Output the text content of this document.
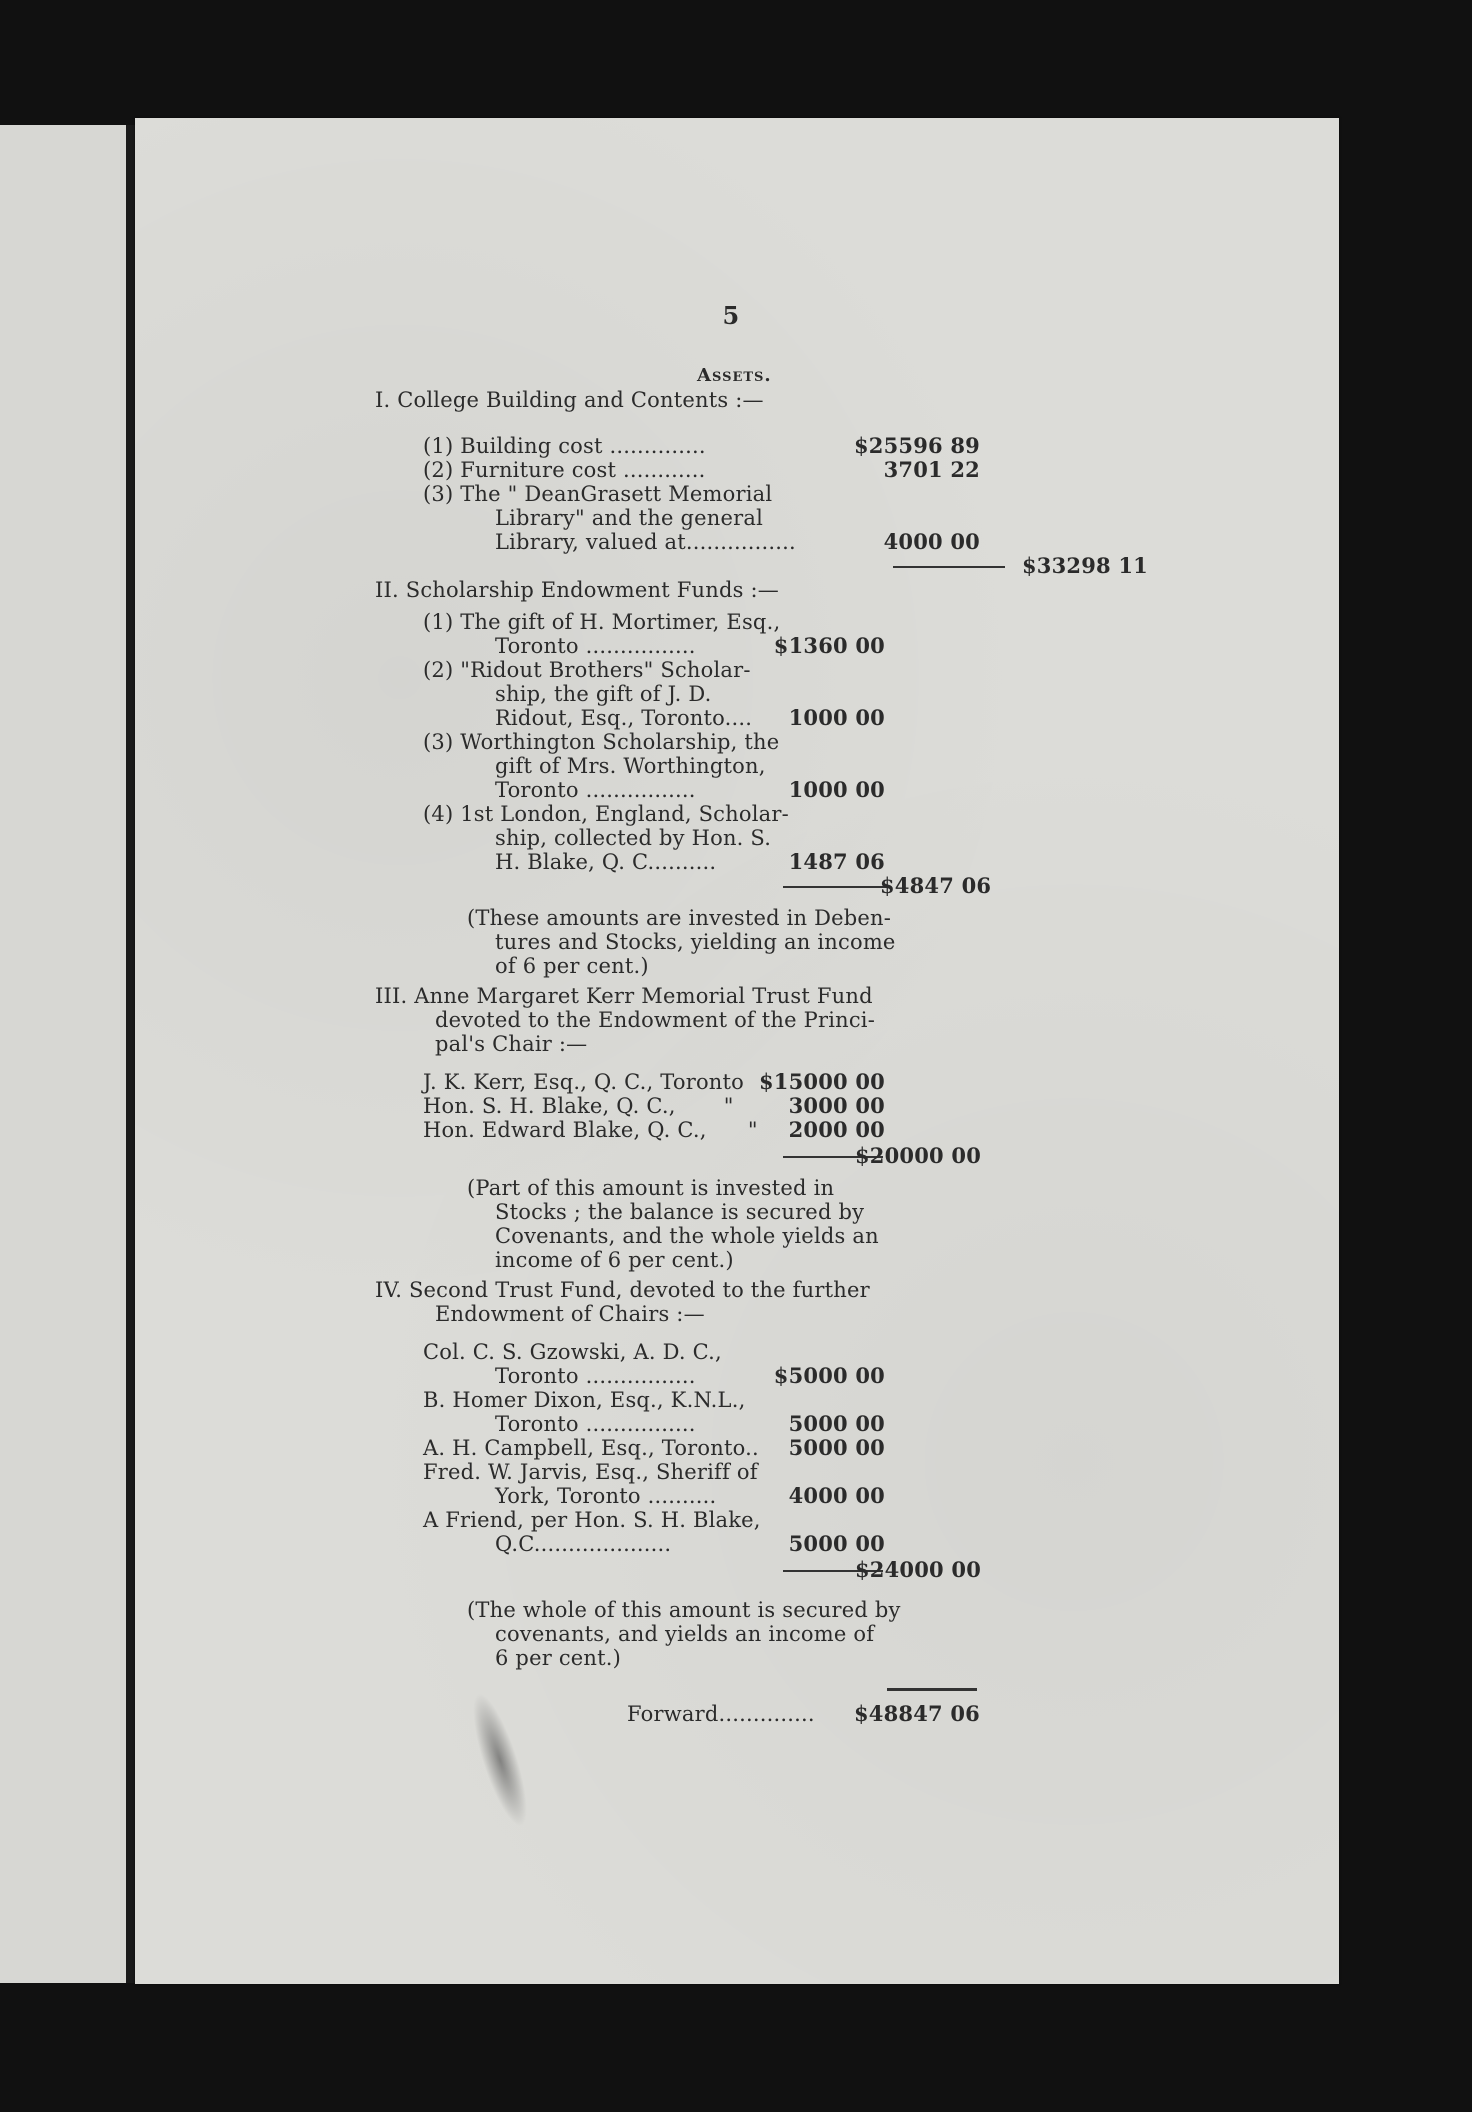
5
Assets.
I. College Building and Contents :—
(1) Building cost ..............	$25596 89
(2) Furniture cost ............	3701 22
(3) The " DeanGrasett Memorial
Library" and the general
Library, valued at................	4000 00
$33298 11
II. Scholarship Endowment Funds :—
(1) The gift of H. Mortimer, Esq.,
Toronto ................	$1360 00
(2) "Ridout Brothers" Scholar-
ship, the gift of J. D.
Ridout, Esq., Toronto....	1000 00
(3) Worthington Scholarship, the
gift of Mrs. Worthington,
Toronto ................	1000 00
(4) 1st London, England, Scholar-
ship, collected by Hon. S.
H. Blake, Q. C..........	1487 06
$4847 06
(These amounts are invested in Deben-
tures and Stocks, yielding an income
of 6 per cent.)
III. Anne Margaret Kerr Memorial Trust Fund
devoted to the Endowment of the Princi-
pal's Chair :—
J. K. Kerr, Esq., Q. C., Toronto $15000 00
Hon. S. H. Blake, Q. C.,       "	3000 00
Hon. Edward Blake, Q. C.,      "	2000 00
$20000 00
(Part of this amount is invested in
Stocks ; the balance is secured by
Covenants, and the whole yields an
income of 6 per cent.)
IV. Second Trust Fund, devoted to the further
Endowment of Chairs :—
Col. C. S. Gzowski, A. D. C.,
Toronto ................	$5000 00
B. Homer Dixon, Esq., K.N.L.,
Toronto ................	5000 00
A. H. Campbell, Esq., Toronto..	5000 00
Fred. W. Jarvis, Esq., Sheriff of
York, Toronto ..........	4000 00
A Friend, per Hon. S. H. Blake,
Q.C....................	5000 00
$24000 00
(The whole of this amount is secured by
covenants, and yields an income of
6 per cent.)
Forward..............	$48847 06
